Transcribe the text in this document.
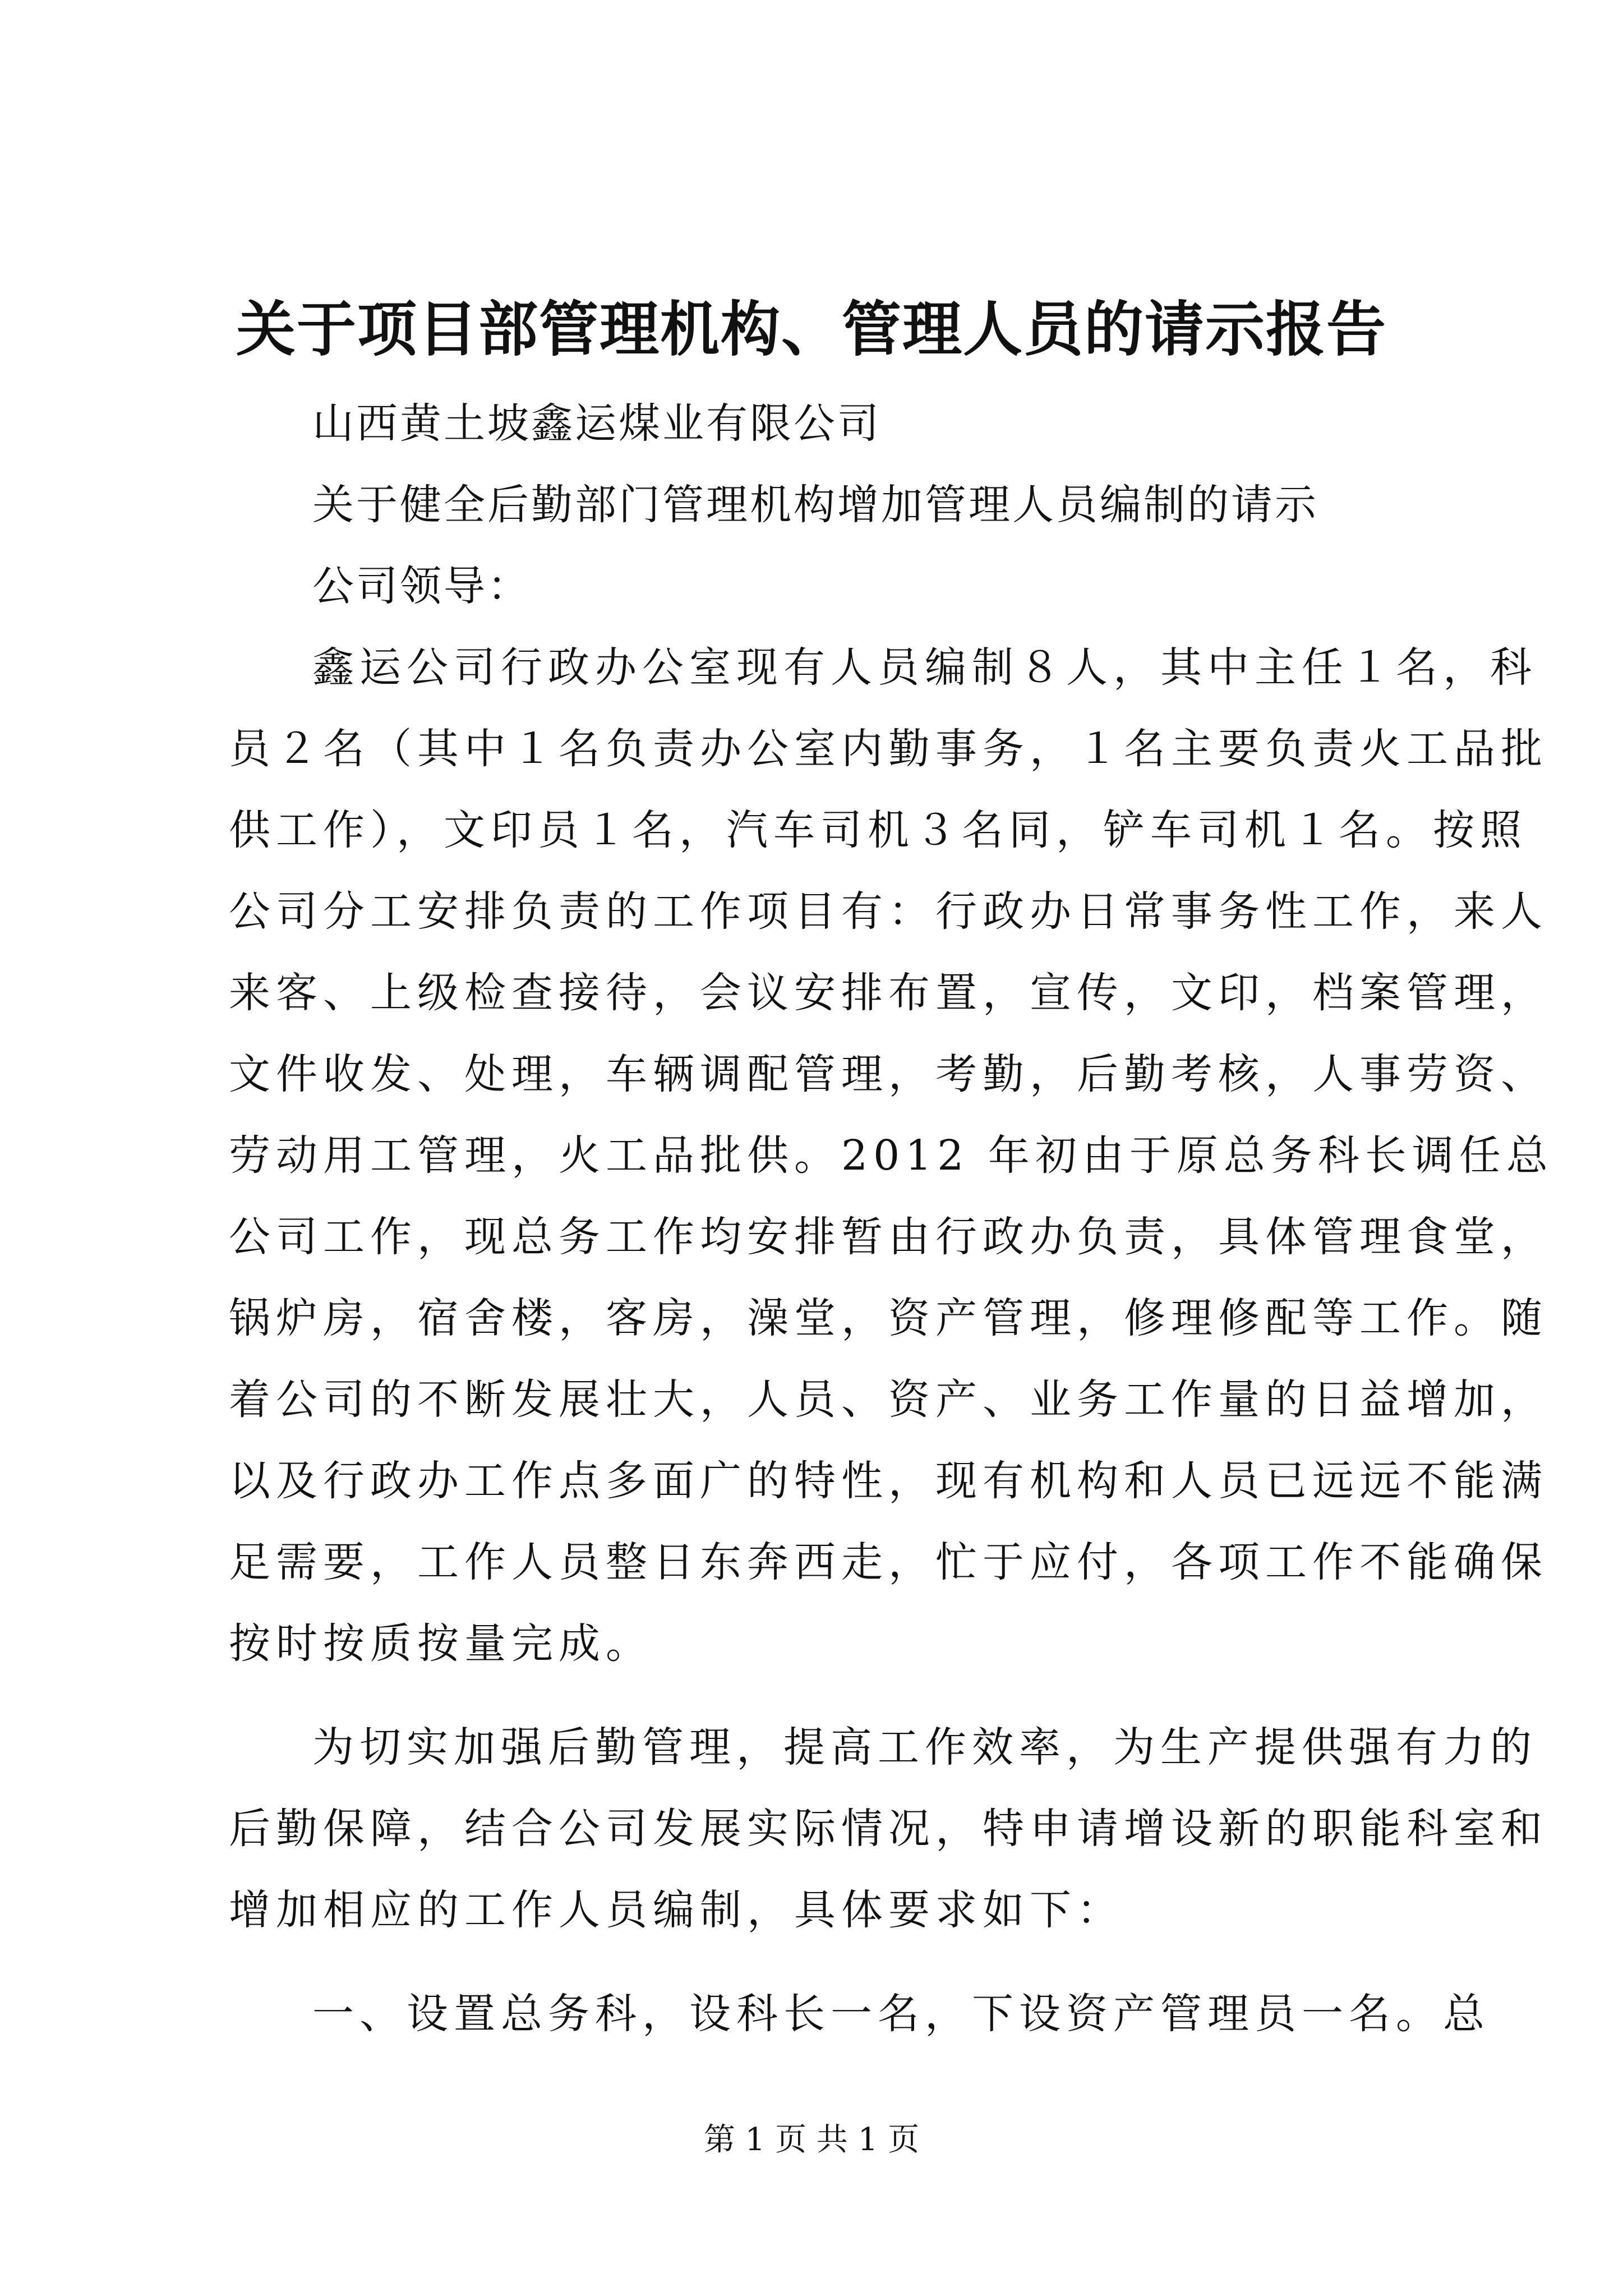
关于项目部管理机构、管理人员的请示报告
山西黄土坡鑫运煤业有限公司
关于健全后勤部门管理机构增加管理人员编制的请示
公司领导：
鑫运公司行政办公室现有人员编制８人，其中主任１名，科
员２名（其中１名负责办公室内勤事务，１名主要负责火工品批
供工作），文印员１名，汽车司机３名同，铲车司机１名。按照
公司分工安排负责的工作项目有：行政办日常事务性工作，来人
来客、上级检查接待，会议安排布置，宣传，文印，档案管理，
文件收发、处理，车辆调配管理，考勤，后勤考核，人事劳资、
劳动用工管理，火工品批供。2012 年初由于原总务科长调任总
公司工作，现总务工作均安排暂由行政办负责，具体管理食堂，
锅炉房，宿舍楼，客房，澡堂，资产管理，修理修配等工作。随
着公司的不断发展壮大，人员、资产、业务工作量的日益增加，
以及行政办工作点多面广的特性，现有机构和人员已远远不能满
足需要，工作人员整日东奔西走，忙于应付，各项工作不能确保
按时按质按量完成。
为切实加强后勤管理，提高工作效率，为生产提供强有力的
后勤保障，结合公司发展实际情况，特申请增设新的职能科室和
增加相应的工作人员编制，具体要求如下：
一、设置总务科，设科长一名，下设资产管理员一名。总
第 1 页 共 1 页
